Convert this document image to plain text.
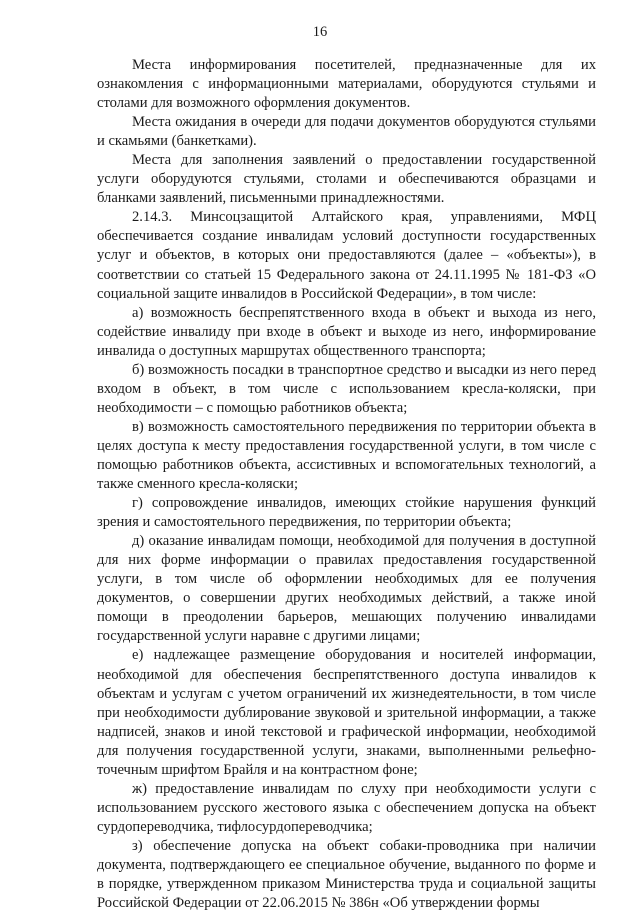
16

Места информирования посетителей, предназначенные для их ознакомления с информационными материалами, оборудуются стульями и столами для возможного оформления документов.

Места ожидания в очереди для подачи документов оборудуются стульями и скамьями (банкетками).

Места для заполнения заявлений о предоставлении государственной услуги оборудуются стульями, столами и обеспечиваются образцами и бланками заявлений, письменными принадлежностями.

2.14.3. Минсоцзащитой Алтайского края, управлениями, МФЦ обеспечивается создание инвалидам условий доступности государственных услуг и объектов, в которых они предоставляются (далее – «объекты»), в соответствии со статьей 15 Федерального закона от 24.11.1995 № 181-ФЗ «О социальной защите инвалидов в Российской Федерации», в том числе:

а) возможность беспрепятственного входа в объект и выхода из него, содействие инвалиду при входе в объект и выходе из него, информирование инвалида о доступных маршрутах общественного транспорта;

б) возможность посадки в транспортное средство и высадки из него перед входом в объект, в том числе с использованием кресла-коляски, при необходимости – с помощью работников объекта;

в) возможность самостоятельного передвижения по территории объекта в целях доступа к месту предоставления государственной услуги, в том числе с помощью работников объекта, ассистивных и вспомогательных технологий, а также сменного кресла-коляски;

г) сопровождение инвалидов, имеющих стойкие нарушения функций зрения и самостоятельного передвижения, по территории объекта;

д) оказание инвалидам помощи, необходимой для получения в доступной для них форме информации о правилах предоставления государственной услуги, в том числе об оформлении необходимых для ее получения документов, о совершении других необходимых действий, а также иной помощи в преодолении барьеров, мешающих получению инвалидами государственной услуги наравне с другими лицами;

е) надлежащее размещение оборудования и носителей информации, необходимой для обеспечения беспрепятственного доступа инвалидов к объектам и услугам с учетом ограничений их жизнедеятельности, в том числе при необходимости дублирование звуковой и зрительной информации, а также надписей, знаков и иной текстовой и графической информации, необходимой для получения государственной услуги, знаками, выполненными рельефно-точечным шрифтом Брайля и на контрастном фоне;

ж) предоставление инвалидам по слуху при необходимости услуги с использованием русского жестового языка с обеспечением допуска на объект сурдопереводчика, тифлосурдопереводчика;

з) обеспечение допуска на объект собаки-проводника при наличии документа, подтверждающего ее специальное обучение, выданного по форме и в порядке, утвержденном приказом Министерства труда и социальной защиты Российской Федерации от 22.06.2015 № 386н «Об утверждении формы
